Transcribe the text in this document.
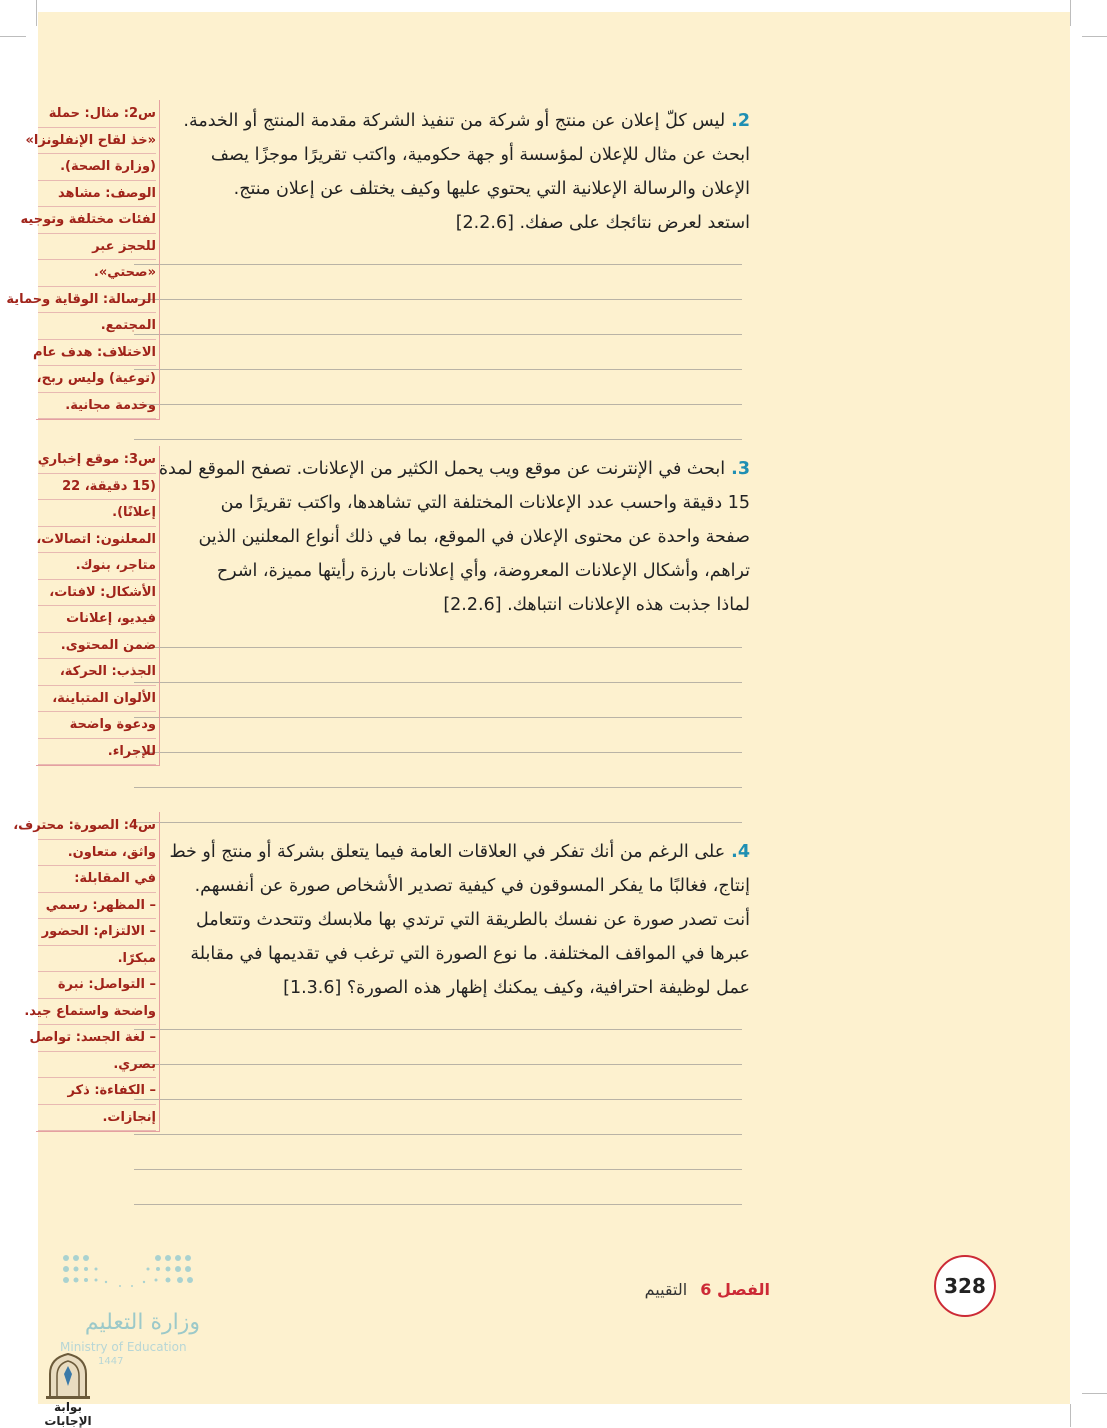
2.ليس كلّ إعلان عن منتج أو شركة من تنفيذ الشركة مقدمة المنتج أو الخدمة.
ابحث عن مثال للإعلان لمؤسسة أو جهة حكومية، واكتب تقريرًا موجزًا يصف
الإعلان والرسالة الإعلانية التي يحتوي عليها وكيف يختلف عن إعلان منتج.
استعد لعرض نتائجك على صفك. [2.2.6]
س2: مثال: حملة
«خذ لقاح الإنفلونزا»
(وزارة الصحة).
الوصف: مشاهد
لفئات مختلفة وتوجيه
للحجز عبر
«صحتي».
الرسالة: الوقاية وحماية
المجتمع.
الاختلاف: هدف عام
(توعية) وليس ربح،
وخدمة مجانية.
3.ابحث في الإنترنت عن موقع ويب يحمل الكثير من الإعلانات. تصفح الموقع لمدة
15 دقيقة واحسب عدد الإعلانات المختلفة التي تشاهدها، واكتب تقريرًا من
صفحة واحدة عن محتوى الإعلان في الموقع، بما في ذلك أنواع المعلنين الذين
تراهم، وأشكال الإعلانات المعروضة، وأي إعلانات بارزة رأيتها مميزة، اشرح
لماذا جذبت هذه الإعلانات انتباهك. [2.2.6]
س3: موقع إخباري
(15 دقيقة، 22
إعلانًا).
المعلنون: اتصالات،
متاجر، بنوك.
الأشكال: لافتات،
فيديو، إعلانات
ضمن المحتوى.
الجذب: الحركة،
الألوان المتباينة،
ودعوة واضحة
للإجراء.
4.على الرغم من أنك تفكر في العلاقات العامة فيما يتعلق بشركة أو منتج أو خط
إنتاج، فغالبًا ما يفكر المسوقون في كيفية تصدير الأشخاص صورة عن أنفسهم.
أنت تصدر صورة عن نفسك بالطريقة التي ترتدي بها ملابسك وتتحدث وتتعامل
عبرها في المواقف المختلفة. ما نوع الصورة التي ترغب في تقديمها في مقابلة
عمل لوظيفة احترافية، وكيف يمكنك إظهار هذه الصورة؟ [1.3.6]
س4: الصورة: محترف،
واثق، متعاون.
في المقابلة:
– المظهر: رسمي
– الالتزام: الحضور
مبكرًا.
– التواصل: نبرة
واضحة واستماع جيد.
– لغة الجسد: تواصل
بصري.
– الكفاءة: ذكر
إنجازات.
الفصل 6 التقييم	328
وزارة التعليم
Ministry of Education
1447
بوابة الإجابات
